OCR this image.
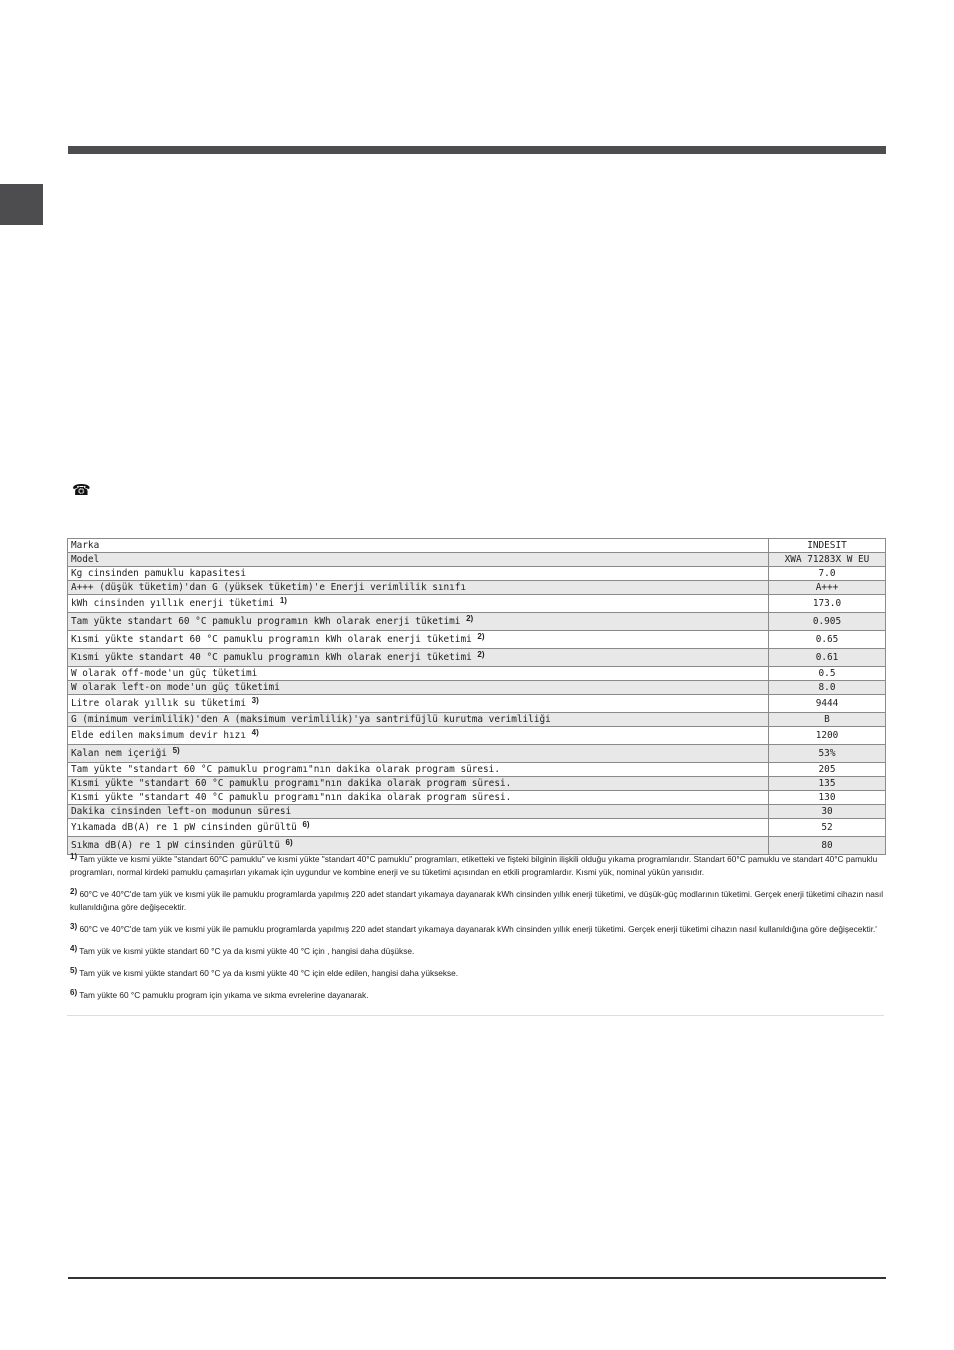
☎
Marka	INDESIT
Model	XWA 71283X W EU
Kg cinsinden pamuklu kapasitesi	7.0
A+++ (düşük tüketim)'dan G (yüksek tüketim)'e Enerji verimlilik sınıfı	A+++
kWh cinsinden yıllık enerji tüketimi $^{1)}$	173.0
Tam yükte standart 60 °C pamuklu programın kWh olarak enerji tüketimi $^{2)}$	0.905
Kısmi yükte standart 60 °C pamuklu programın kWh olarak enerji tüketimi $^{2)}$	0.65
Kısmi yükte standart 40 °C pamuklu programın kWh olarak enerji tüketimi $^{2)}$	0.61
W olarak off-mode'un güç tüketimi	0.5
W olarak left-on mode'un güç tüketimi	8.0
Litre olarak yıllık su tüketimi $^{3)}$	9444
G (minimum verimlilik)'den A (maksimum verimlilik)'ya santrifüjlü kurutma verimliliği	B
Elde edilen maksimum devir hızı $^{4)}$	1200
Kalan nem içeriği $^{5)}$	53%
Tam yükte "standart 60 °C pamuklu programı"nın dakika olarak program süresi.	205
Kısmi yükte "standart 60 °C pamuklu programı"nın dakika olarak program süresi.	135
Kısmi yükte "standart 40 °C pamuklu programı"nın dakika olarak program süresi.	130
Dakika cinsinden left-on modunun süresi	30
Yıkamada dB(A) re 1 pW cinsinden gürültü $^{6)}$	52
Sıkma dB(A) re 1 pW cinsinden gürültü $^{6)}$	80
$^{1)}$ Tam yükte ve kısmi yükte "standart 60°C pamuklu" ve kısmi yükte "standart 40°C pamuklu" programları, etiketteki ve fişteki bilginin ilişkili olduğu yıkama programlarıdır. Standart 60°C pamuklu ve standart 40°C pamuklu programları, normal kirdeki pamuklu çamaşırları yıkamak için uygundur ve kombine enerji ve su tüketimi açısından en etkili programlardır. Kısmi yük, nominal yükün yarısıdır.
$^{2)}$ 60°C ve 40°C'de tam yük ve kısmi yük ile pamuklu programlarda yapılmış 220 adet standart yıkamaya dayanarak kWh cinsinden yıllık enerji tüketimi, ve düşük-güç modlarının tüketimi. Gerçek enerji tüketimi cihazın nasıl kullanıldığına göre değişecektir.
$^{3)}$ 60°C ve 40°C'de tam yük ve kısmi yük ile pamuklu programlarda yapılmış 220 adet standart yıkamaya dayanarak kWh cinsinden yıllık enerji tüketimi. Gerçek enerji tüketimi cihazın nasıl kullanıldığına göre değişecektir.'
$^{4)}$ Tam yük ve kısmi yükte standart 60 °C ya da kısmi yükte 40 °C için , hangisi daha düşükse.
$^{5)}$ Tam yük ve kısmi yükte standart 60 °C ya da kısmi yükte 40 °C için elde edilen, hangisi daha yüksekse.
$^{6)}$ Tam yükte 60 °C pamuklu program için yıkama ve sıkma evrelerine dayanarak.
